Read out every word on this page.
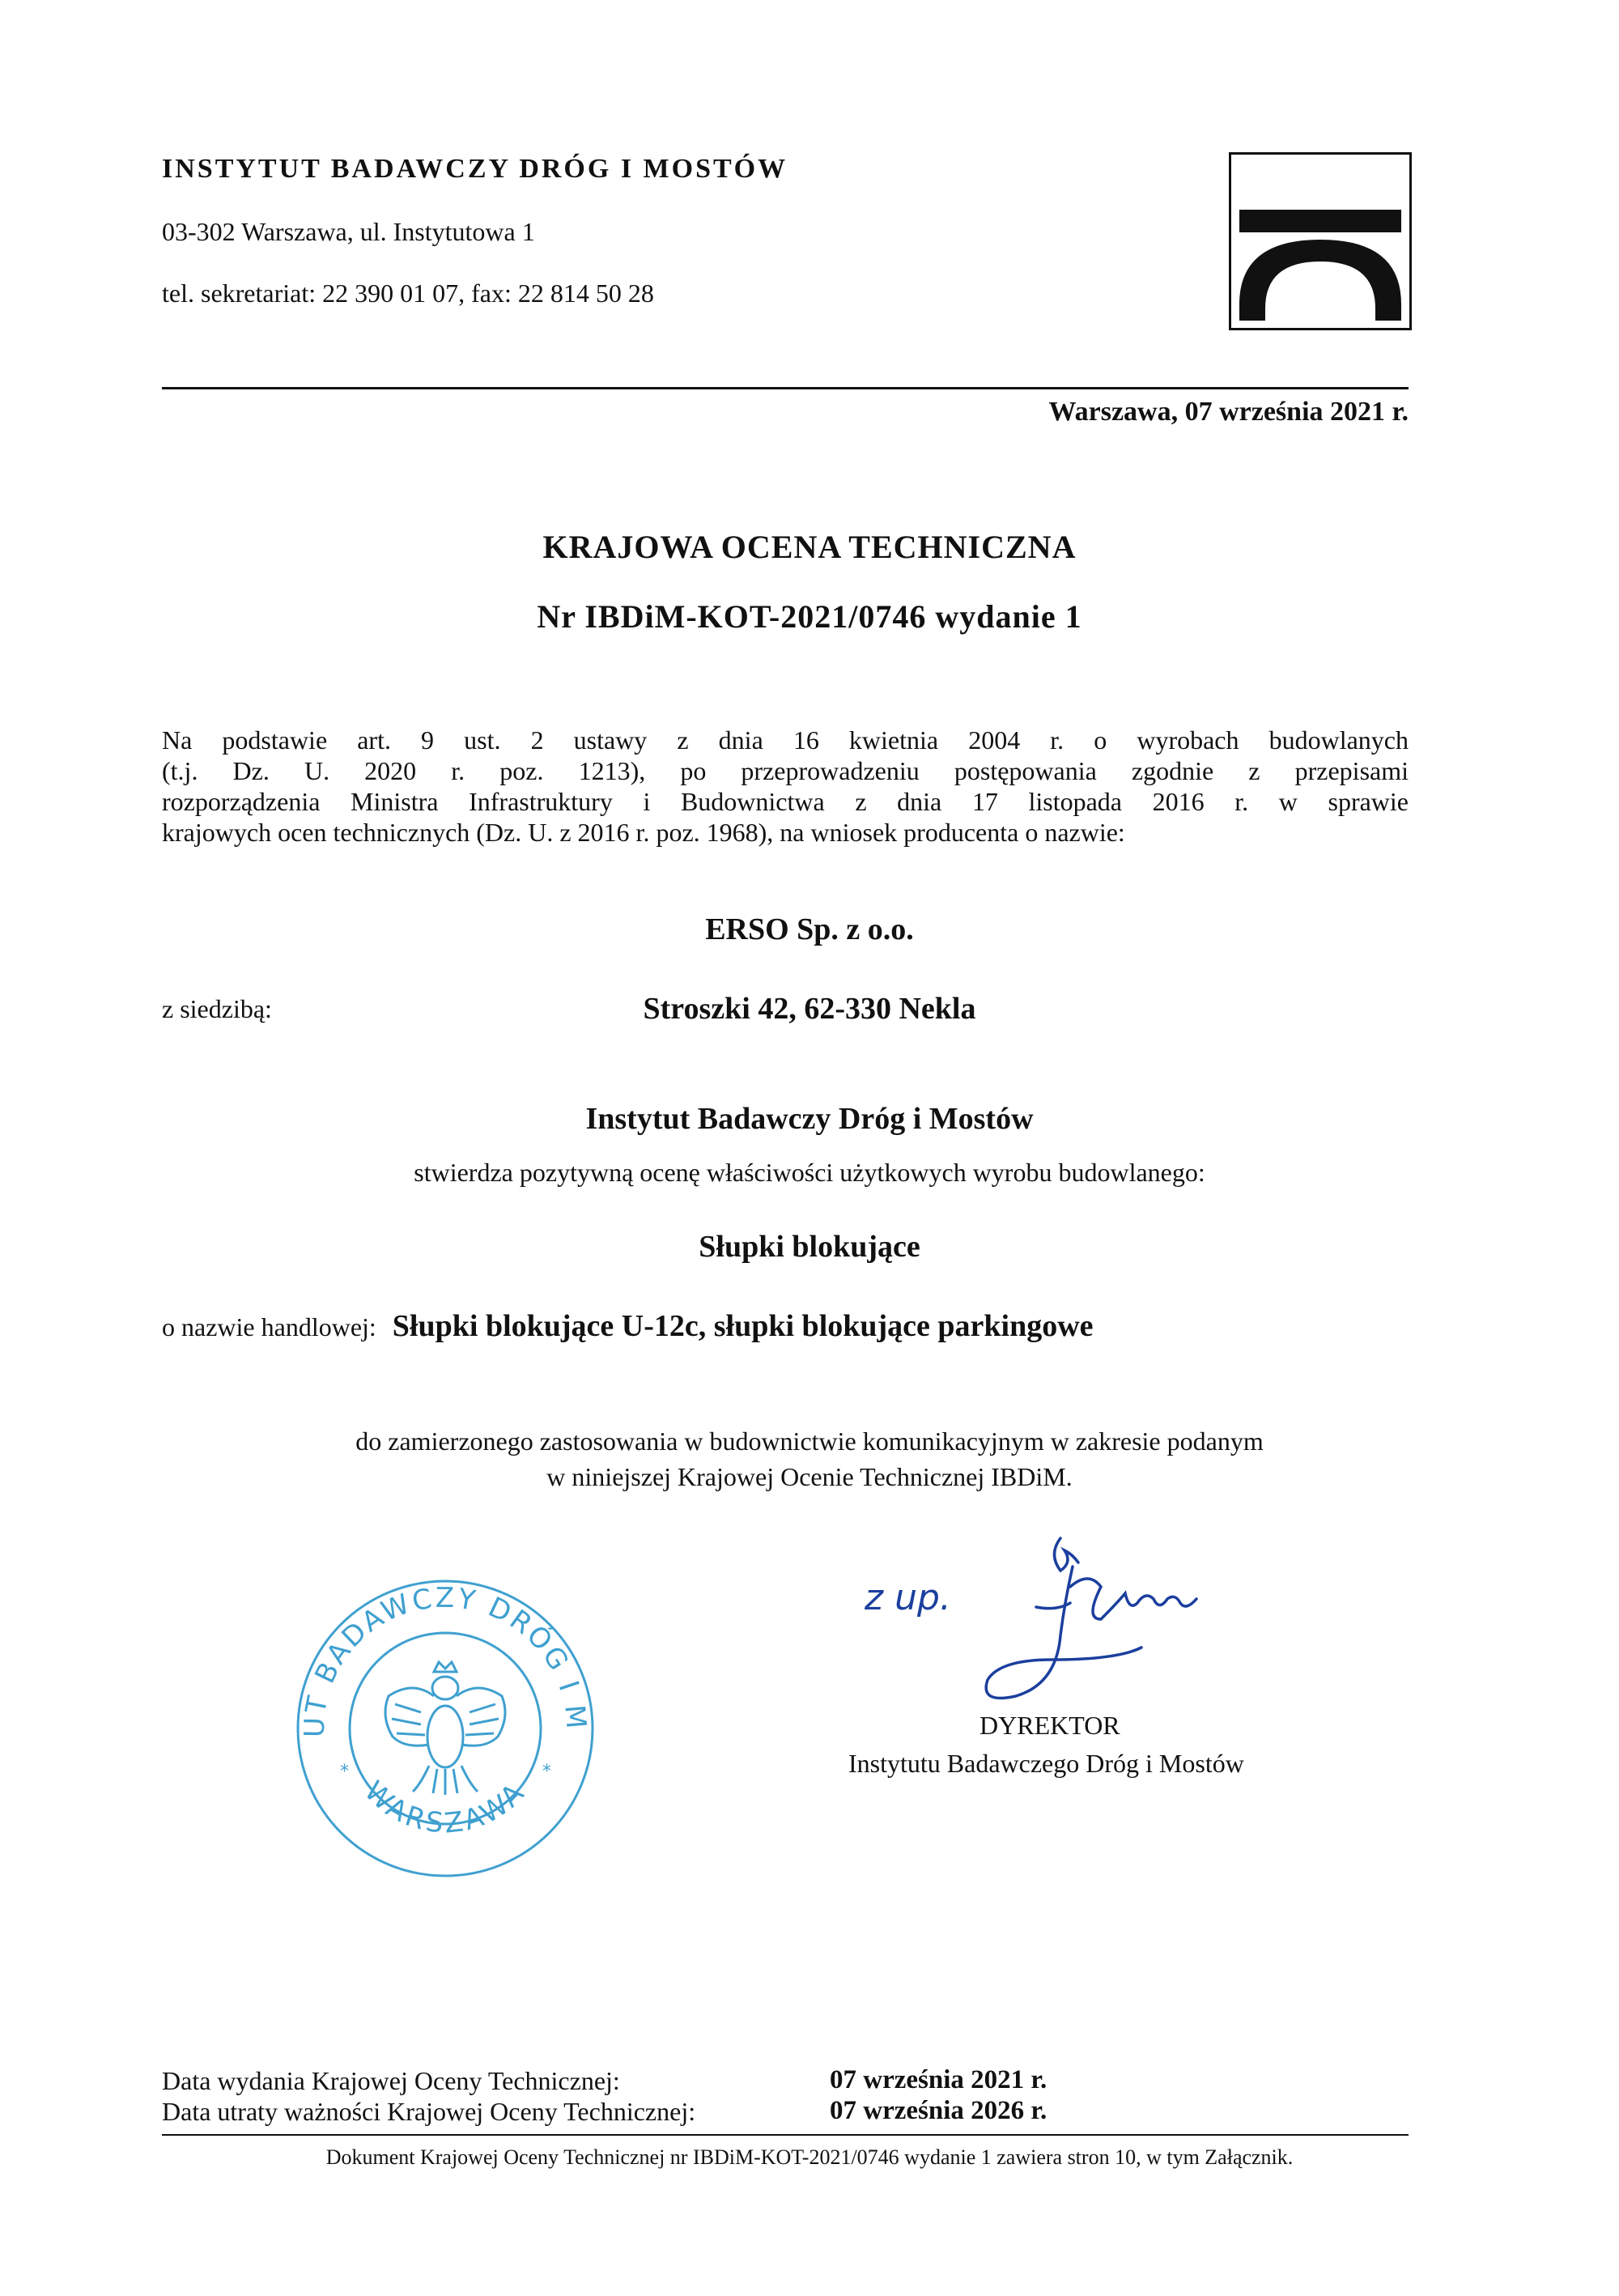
INSTYTUT BADAWCZY DRÓG I MOSTÓW
03-302 Warszawa, ul. Instytutowa 1
tel. sekretariat: 22 390 01 07, fax: 22 814 50 28
Warszawa, 07 września 2021 r.
KRAJOWA OCENA TECHNICZNA
Nr IBDiM-KOT-2021/0746 wydanie 1
Na podstawie art. 9 ust. 2 ustawy z dnia 16 kwietnia 2004 r. o wyrobach budowlanych
(t.j. Dz. U. 2020 r. poz. 1213), po przeprowadzeniu postępowania zgodnie z przepisami
rozporządzenia Ministra Infrastruktury i Budownictwa z dnia 17 listopada 2016 r. w sprawie
krajowych ocen technicznych (Dz. U. z 2016 r. poz. 1968), na wniosek producenta o nazwie:
ERSO Sp. z o.o.
z siedzibą:	Stroszki 42, 62-330 Nekla
Instytut Badawczy Dróg i Mostów
stwierdza pozytywną ocenę właściwości użytkowych wyrobu budowlanego:
Słupki blokujące
o nazwie handlowej: Słupki blokujące U-12c, słupki blokujące parkingowe
do zamierzonego zastosowania w budownictwie komunikacyjnym w zakresie podanym
w niniejszej Krajowej Ocenie Technicznej IBDiM.
UT BADAWCZY DRÓG I M
WARSZAWA
*	*
z up.
DYREKTOR
Instytutu Badawczego Dróg i Mostów
Data wydania Krajowej Oceny Technicznej:	07 września 2021 r.
Data utraty ważności Krajowej Oceny Technicznej:	07 września 2026 r.
Dokument Krajowej Oceny Technicznej nr IBDiM-KOT-2021/0746 wydanie 1 zawiera stron 10, w tym Załącznik.
